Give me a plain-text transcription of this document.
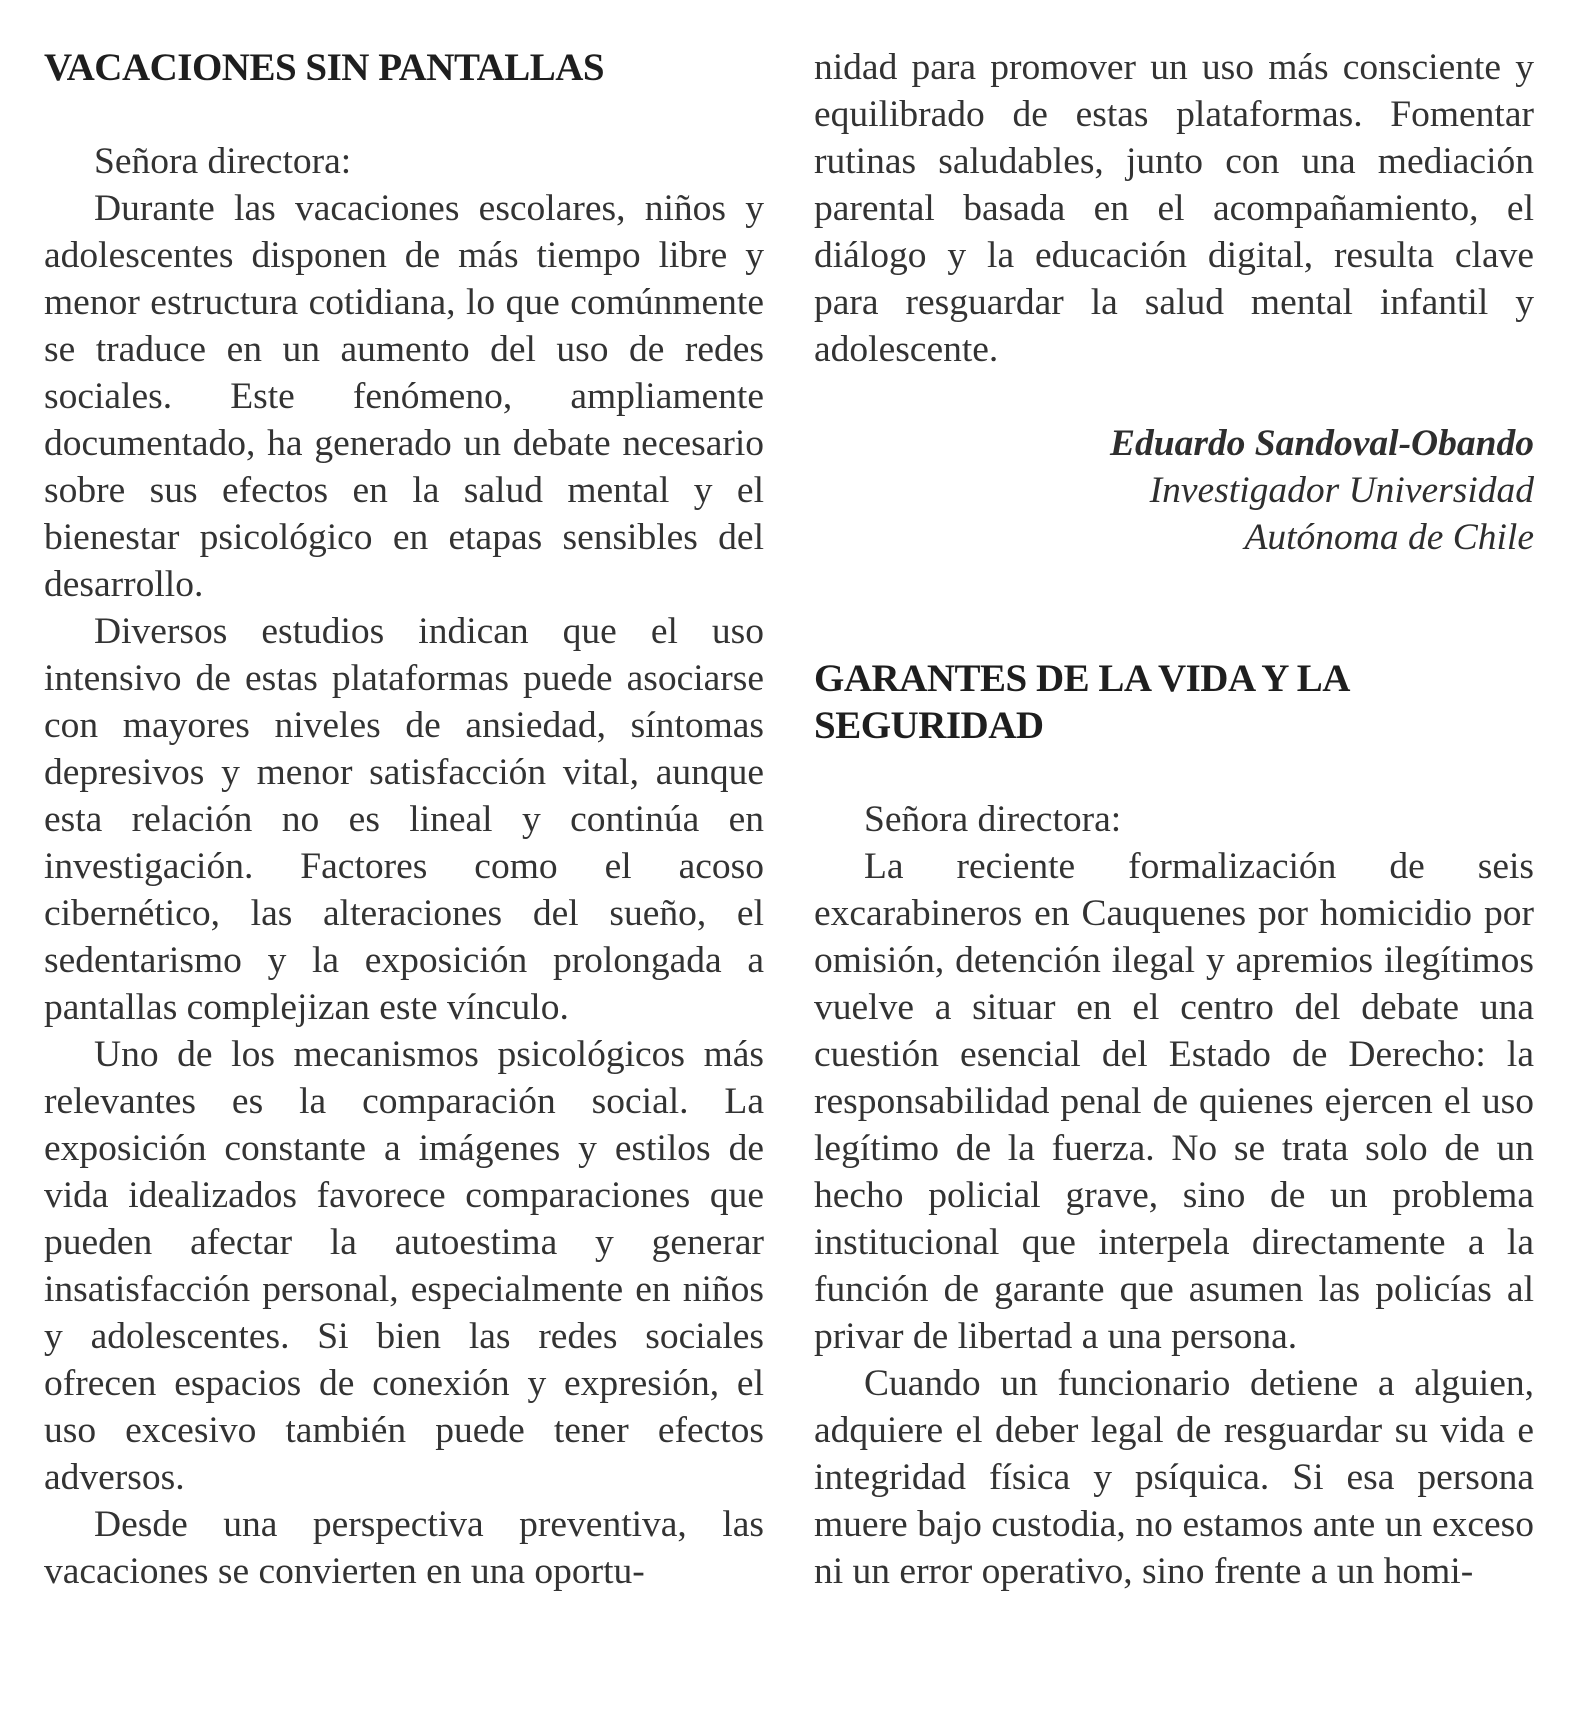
VACACIONES SIN PANTALLAS

Señora directora:

Durante las vacaciones escolares, niños y adolescentes disponen de más tiempo libre y menor estructura cotidiana, lo que comúnmente se traduce en un aumento del uso de redes sociales. Este fenómeno, ampliamente documentado, ha generado un debate necesario sobre sus efectos en la salud mental y el bienestar psicológico en etapas sensibles del desarrollo.

Diversos estudios indican que el uso intensivo de estas plataformas puede asociarse con mayores niveles de ansiedad, síntomas depresivos y menor satisfacción vital, aunque esta relación no es lineal y continúa en investigación. Factores como el acoso cibernético, las alteraciones del sueño, el sedentarismo y la exposición prolongada a pantallas complejizan este vínculo.

Uno de los mecanismos psicológicos más relevantes es la comparación social. La exposición constante a imágenes y estilos de vida idealizados favorece comparaciones que pueden afectar la autoestima y generar insatisfacción personal, especialmente en niños y adolescentes. Si bien las redes sociales ofrecen espacios de conexión y expresión, el uso excesivo también puede tener efectos adversos.

Desde una perspectiva preventiva, las vacaciones se convierten en una oportu-

nidad para promover un uso más consciente y equilibrado de estas plataformas. Fomentar rutinas saludables, junto con una mediación parental basada en el acompañamiento, el diálogo y la educación digital, resulta clave para resguardar la salud mental infantil y adolescente.

Eduardo Sandoval-Obando

Investigador Universidad

Autónoma de Chile

GARANTES DE LA VIDA Y LA
SEGURIDAD

Señora directora:

La reciente formalización de seis excarabineros en Cauquenes por homicidio por omisión, detención ilegal y apremios ilegítimos vuelve a situar en el centro del debate una cuestión esencial del Estado de Derecho: la responsabilidad penal de quienes ejercen el uso legítimo de la fuerza. No se trata solo de un hecho policial grave, sino de un problema institucional que interpela directamente a la función de garante que asumen las policías al privar de libertad a una persona.

Cuando un funcionario detiene a alguien, adquiere el deber legal de resguardar su vida e integridad física y psíquica. Si esa persona muere bajo custodia, no estamos ante un exceso ni un error operativo, sino frente a un homi-
